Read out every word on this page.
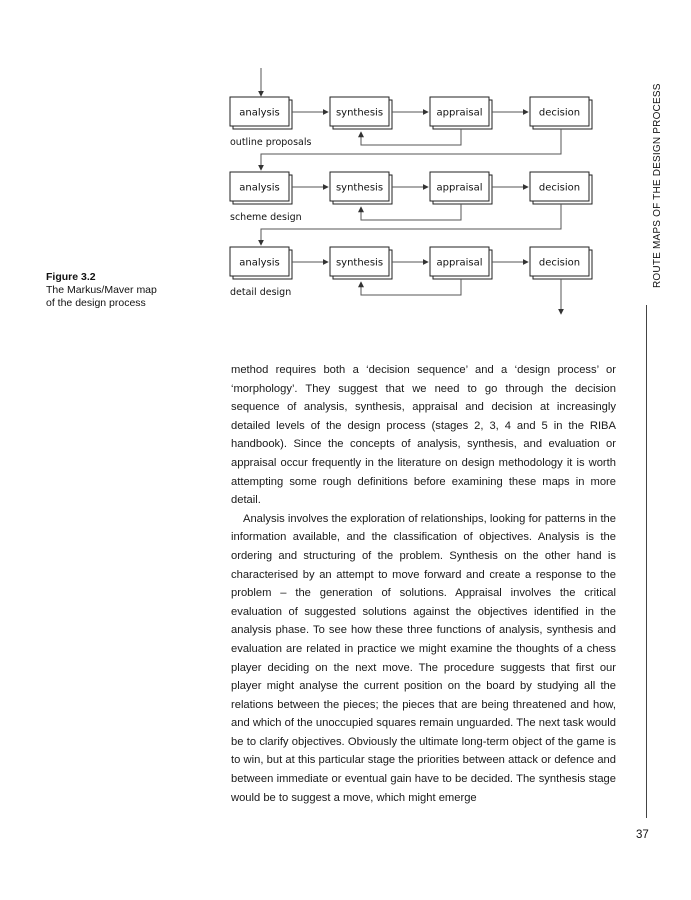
analysis	synthesis	appraisal	decision
outline proposals
analysis	synthesis	appraisal	decision
scheme design
analysis	synthesis	appraisal	decision
detail design
Figure 3.2
The Markus/Maver map
of the design process
ROUTE MAPS OF THE DESIGN PROCESS

method requires both a ‘decision sequence’ and a ‘design process’ or ‘morphology’. They suggest that we need to go through the decision sequence of analysis, synthesis, appraisal and decision at increasingly detailed levels of the design process (stages 2, 3, 4 and 5 in the RIBA handbook). Since the concepts of analysis, synthesis, and evaluation or appraisal occur frequently in the literature on design methodology it is worth attempting some rough definitions before examining these maps in more detail.

Analysis involves the exploration of relationships, looking for patterns in the information available, and the classification of objectives. Analysis is the ordering and structuring of the problem. Synthesis on the other hand is characterised by an attempt to move forward and create a response to the problem – the generation of solutions. Appraisal involves the critical evaluation of suggested solutions against the objectives identified in the analysis phase. To see how these three functions of analysis, synthesis and evaluation are related in practice we might examine the thoughts of a chess player deciding on the next move. The procedure suggests that first our player might analyse the current position on the board by studying all the relations between the pieces; the pieces that are being threatened and how, and which of the unoccupied squares remain unguarded. The next task would be to clarify objectives. Obviously the ultimate long-term object of the game is to win, but at this particular stage the priorities between attack or defence and between immediate or eventual gain have to be decided. The synthesis stage would be to suggest a move, which might emerge

37
